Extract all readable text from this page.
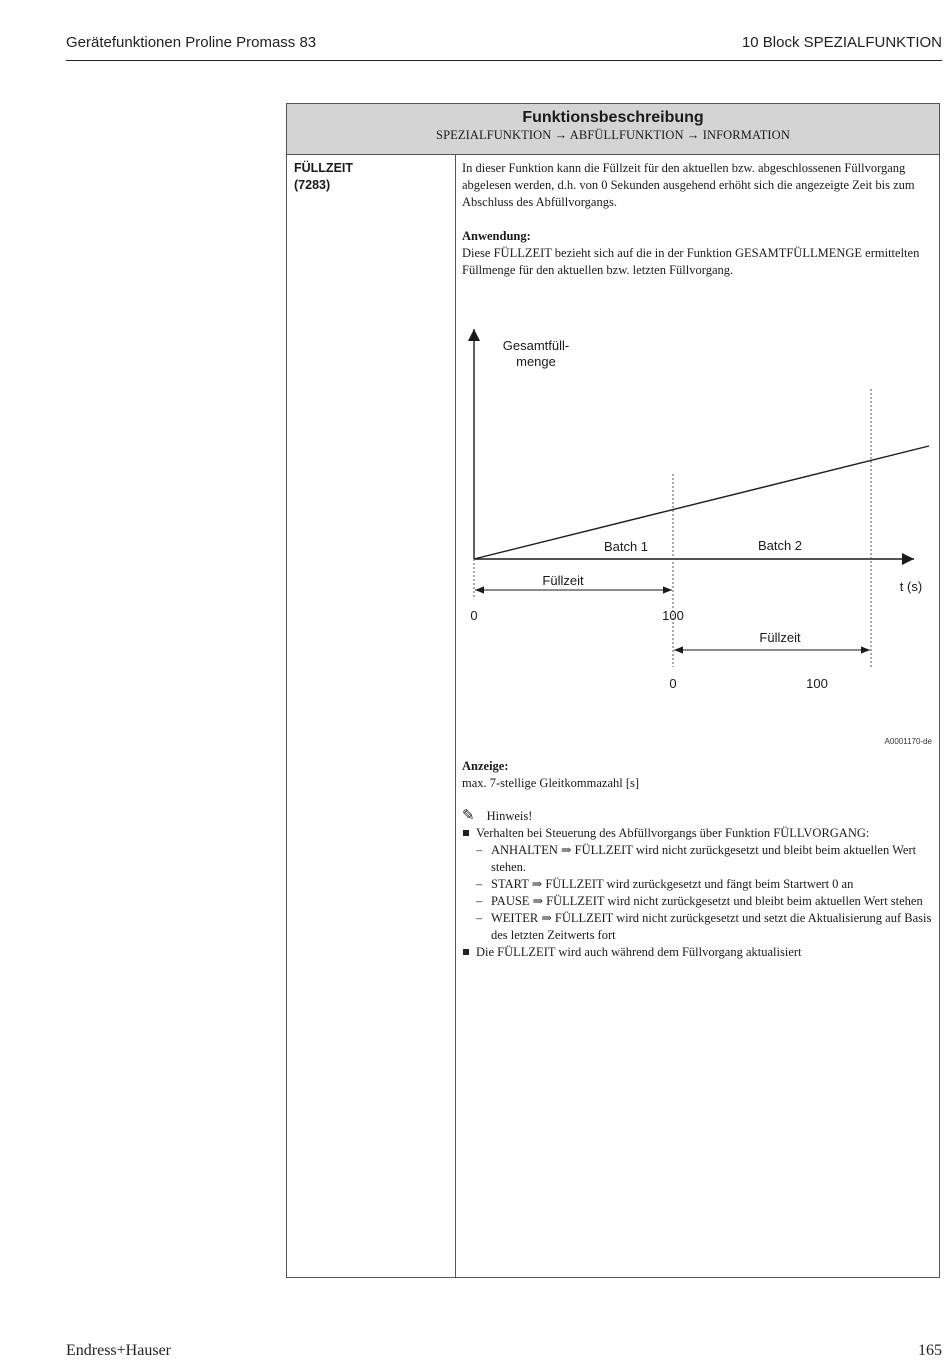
Gerätefunktionen Proline Promass 83	10 Block SPEZIALFUNKTION
Funktionsbeschreibung
SPEZIALFUNKTION → ABFÜLLFUNKTION → INFORMATION
FÜLLZEIT
(7283)

In dieser Funktion kann die Füllzeit für den aktuellen bzw. abgeschlossenen Füllvorgang abgelesen werden, d.h. von 0 Sekunden ausgehend erhöht sich die angezeigte Zeit bis zum Abschluss des Abfüllvorgangs.

Anwendung:

Diese FÜLLZEIT bezieht sich auf die in der Funktion GESAMTFÜLLMENGE ermittelten Füllmenge für den aktuellen bzw. letzten Füllvorgang.

Gesamtfüll-
menge
Batch 1	Batch 2
Füllzeit
Füllzeit
t (s)
0	100
0	100
A0001170-de

Anzeige:

max. 7-stellige Gleitkommazahl [s]

✎ Hinweis!
Verhalten bei Steuerung des Abfüllvorgangs über Funktion FÜLLVORGANG:
– ANHALTEN ⇒ FÜLLZEIT wird nicht zurückgesetzt und bleibt beim aktuellen Wert stehen.
– START ⇒ FÜLLZEIT wird zurückgesetzt und fängt beim Startwert 0 an
– PAUSE ⇒ FÜLLZEIT wird nicht zurückgesetzt und bleibt beim aktuellen Wert stehen
– WEITER ⇒ FÜLLZEIT wird nicht zurückgesetzt und setzt die Aktualisierung auf Basis des letzten Zeitwerts fort
Die FÜLLZEIT wird auch während dem Füllvorgang aktualisiert
Endress+Hauser	165
